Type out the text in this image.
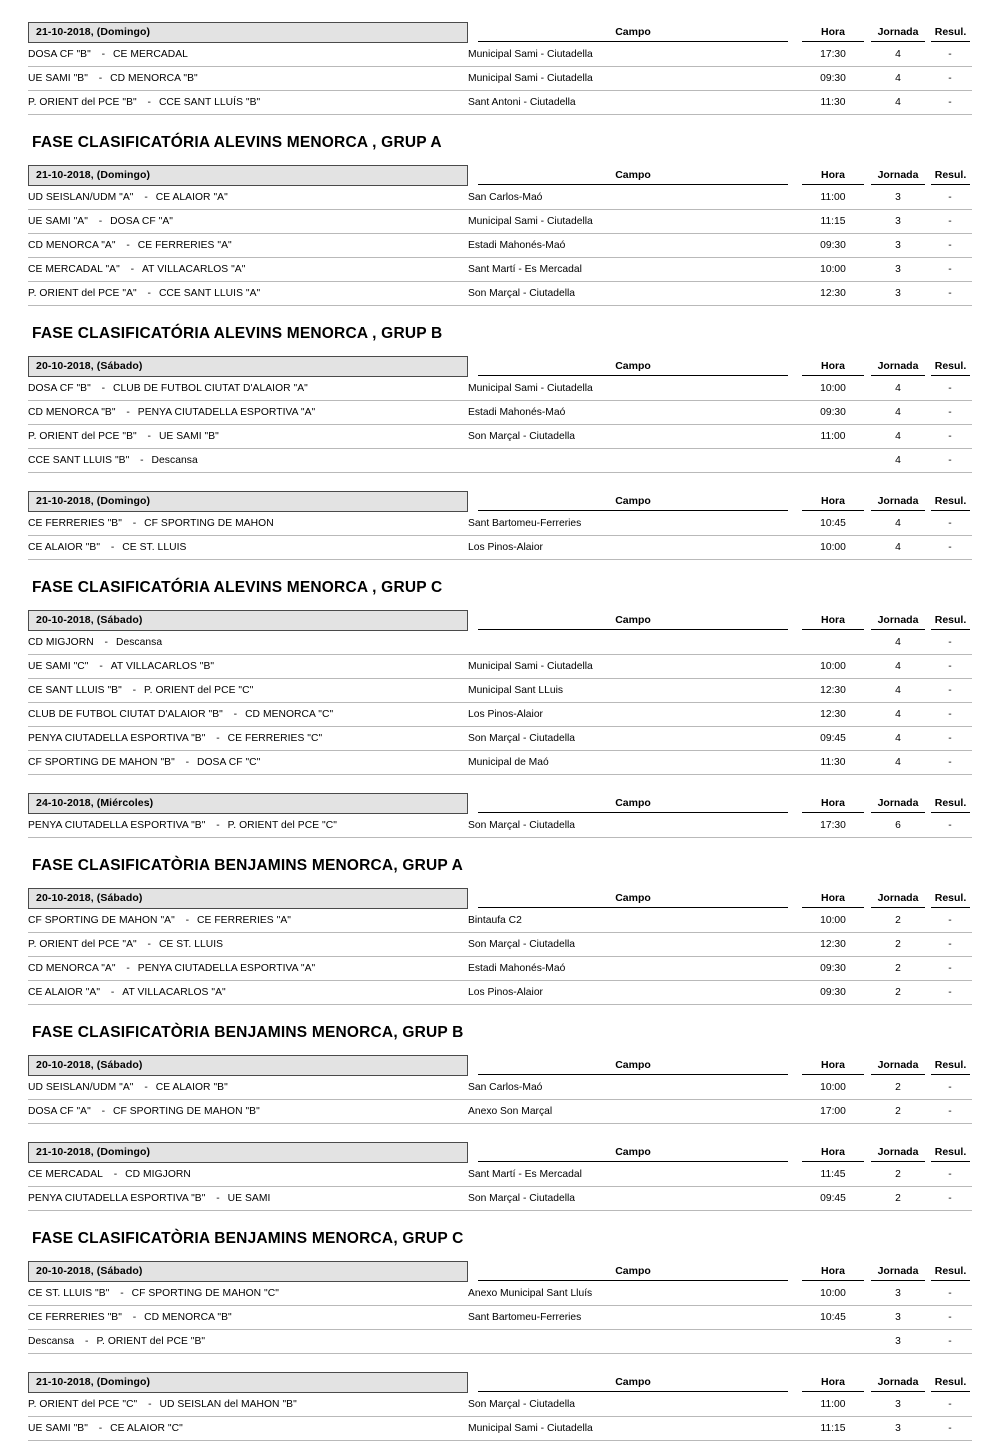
21-10-2018, (Domingo)	Campo	Hora	Jornada	Resul.

DOSA CF "B" - CE MERCADAL	Municipal Sami - Ciutadella	17:30	4	-
UE SAMI "B" - CD MENORCA "B"	Municipal Sami - Ciutadella	09:30	4	-
P. ORIENT del PCE "B" - CCE SANT LLUÍS "B"	Sant Antoni - Ciutadella	11:30	4	-
FASE CLASIFICATÓRIA ALEVINS MENORCA , GRUP A
21-10-2018, (Domingo)	Campo	Hora	Jornada	Resul.

UD SEISLAN/UDM "A" - CE ALAIOR "A"	San Carlos-Maó	11:00	3	-
UE SAMI "A" - DOSA CF "A"	Municipal Sami - Ciutadella	11:15	3	-
CD MENORCA "A" - CE FERRERIES "A"	Estadi Mahonés-Maó	09:30	3	-
CE MERCADAL "A" - AT VILLACARLOS "A"	Sant Martí - Es Mercadal	10:00	3	-
P. ORIENT del PCE "A" - CCE SANT LLUIS "A"	Son Marçal - Ciutadella	12:30	3	-
FASE CLASIFICATÓRIA ALEVINS MENORCA , GRUP B
20-10-2018, (Sábado)	Campo	Hora	Jornada	Resul.

DOSA CF "B" - CLUB DE FUTBOL CIUTAT D'ALAIOR "A"	Municipal Sami - Ciutadella	10:00	4	-
CD MENORCA "B" - PENYA CIUTADELLA ESPORTIVA "A"	Estadi Mahonés-Maó	09:30	4	-
P. ORIENT del PCE "B" - UE SAMI "B"	Son Marçal - Ciutadella	11:00	4	-
CCE SANT LLUIS "B" - Descansa			4	-
21-10-2018, (Domingo)	Campo	Hora	Jornada	Resul.

CE FERRERIES "B" - CF SPORTING DE MAHON	Sant Bartomeu-Ferreries	10:45	4	-
CE ALAIOR "B" - CE ST. LLUIS	Los Pinos-Alaior	10:00	4	-
FASE CLASIFICATÓRIA ALEVINS MENORCA , GRUP C
20-10-2018, (Sábado)	Campo	Hora	Jornada	Resul.

CD MIGJORN - Descansa			4	-
UE SAMI "C" - AT VILLACARLOS "B"	Municipal Sami - Ciutadella	10:00	4	-
CE SANT LLUIS "B" - P. ORIENT del PCE "C"	Municipal Sant LLuis	12:30	4	-
CLUB DE FUTBOL CIUTAT D'ALAIOR "B" - CD MENORCA "C"	Los Pinos-Alaior	12:30	4	-
PENYA CIUTADELLA ESPORTIVA "B" - CE FERRERIES "C"	Son Marçal - Ciutadella	09:45	4	-
CF SPORTING DE MAHON "B" - DOSA CF "C"	Municipal de Maó	11:30	4	-
24-10-2018, (Miércoles)	Campo	Hora	Jornada	Resul.

PENYA CIUTADELLA ESPORTIVA "B" - P. ORIENT del PCE "C"	Son Marçal - Ciutadella	17:30	6	-
FASE CLASIFICATÒRIA BENJAMINS MENORCA, GRUP A
20-10-2018, (Sábado)	Campo	Hora	Jornada	Resul.

CF SPORTING DE MAHON "A" - CE FERRERIES "A"	Bintaufa C2	10:00	2	-
P. ORIENT del PCE "A" - CE ST. LLUIS	Son Marçal - Ciutadella	12:30	2	-
CD MENORCA "A" - PENYA CIUTADELLA ESPORTIVA "A"	Estadi Mahonés-Maó	09:30	2	-
CE ALAIOR "A" - AT VILLACARLOS "A"	Los Pinos-Alaior	09:30	2	-
FASE CLASIFICATÒRIA BENJAMINS MENORCA, GRUP B
20-10-2018, (Sábado)	Campo	Hora	Jornada	Resul.

UD SEISLAN/UDM "A" - CE ALAIOR "B"	San Carlos-Maó	10:00	2	-
DOSA CF "A" - CF SPORTING DE MAHON "B"	Anexo Son Marçal	17:00	2	-
21-10-2018, (Domingo)	Campo	Hora	Jornada	Resul.

CE MERCADAL - CD MIGJORN	Sant Martí - Es Mercadal	11:45	2	-
PENYA CIUTADELLA ESPORTIVA "B" - UE SAMI	Son Marçal - Ciutadella	09:45	2	-
FASE CLASIFICATÒRIA BENJAMINS MENORCA, GRUP C
20-10-2018, (Sábado)	Campo	Hora	Jornada	Resul.

CE ST. LLUIS "B" - CF SPORTING DE MAHON "C"	Anexo Municipal Sant Lluís	10:00	3	-
CE FERRERIES "B" - CD MENORCA "B"	Sant Bartomeu-Ferreries	10:45	3	-
Descansa - P. ORIENT del PCE "B"			3	-
21-10-2018, (Domingo)	Campo	Hora	Jornada	Resul.

P. ORIENT del PCE "C" - UD SEISLAN del MAHON "B"	Son Marçal - Ciutadella	11:00	3	-
UE SAMI "B" - CE ALAIOR "C"	Municipal Sami - Ciutadella	11:15	3	-
